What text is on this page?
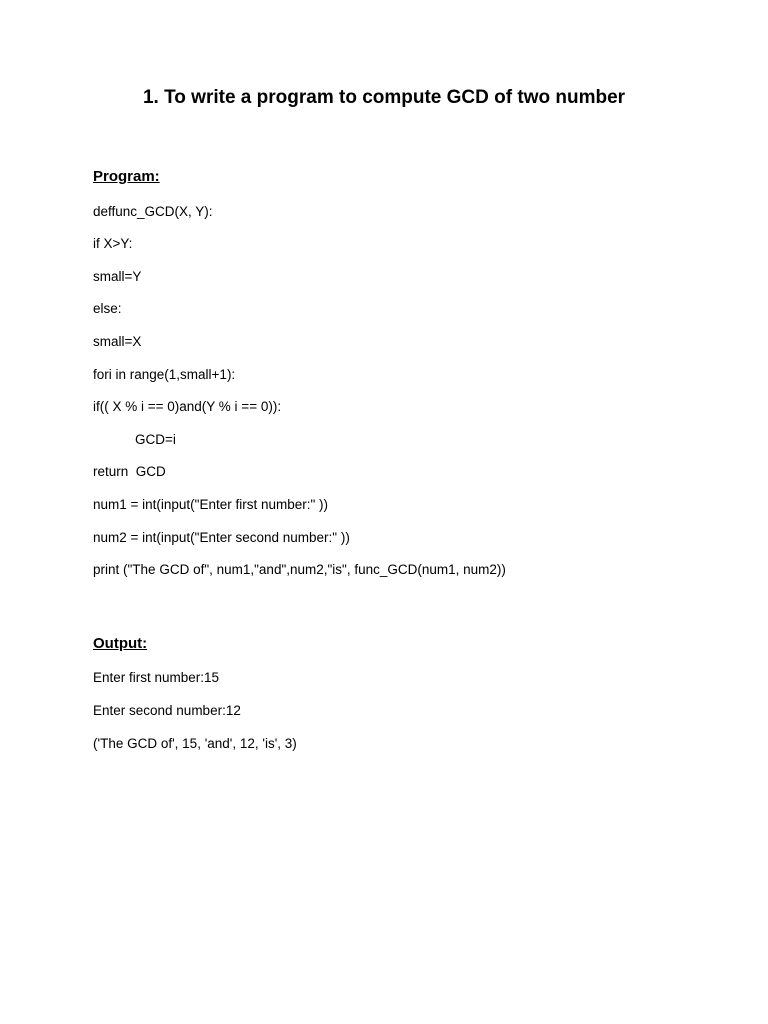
1. To write a program to compute GCD of two number
Program:
deffunc_GCD(X, Y):
if X>Y:
small=Y
else:
small=X
fori in range(1,small+1):
if(( X % i == 0)and(Y % i == 0)):
GCD=i
return  GCD
num1 = int(input("Enter first number:" ))
num2 = int(input("Enter second number:" ))
print ("The GCD of", num1,"and",num2,"is", func_GCD(num1, num2))
Output:
Enter first number:15
Enter second number:12
('The GCD of', 15, 'and', 12, 'is', 3)
